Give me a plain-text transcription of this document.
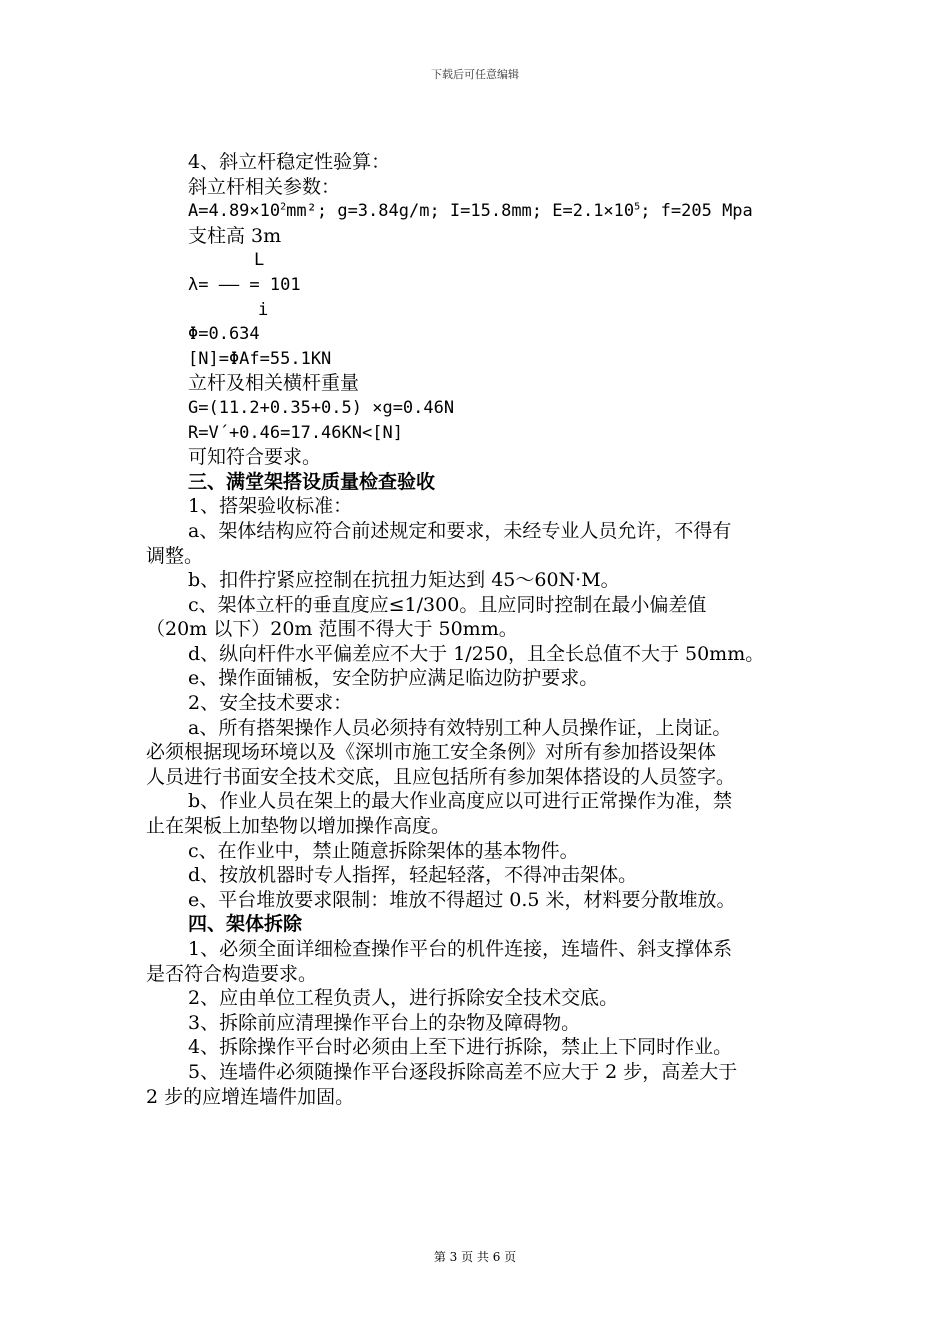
下载后可任意编辑
4、斜立杆稳定性验算：
斜立杆相关参数：
$A=4.89\times 10^2mm^2$; g=3.84g/m; I=15.8mm; $E=2.1\times 10^5$; f=205 Mpa
支柱高 3m
L
λ= —— = 101
i
Φ=0.634
[N]=ΦAf=55.1KN
立杆及相关横杆重量
G=(11.2+0.35+0.5) ×g=0.46N
R=V´+0.46=17.46KN<[N]
可知符合要求。
三、满堂架搭设质量检查验收
1、搭架验收标准：
a、架体结构应符合前述规定和要求，未经专业人员允许，不得有
调整。
b、扣件拧紧应控制在抗扭力矩达到 45～60N·M。
c、架体立杆的垂直度应≤1/300。且应同时控制在最小偏差值
（20m 以下）20m 范围不得大于 50mm。
d、纵向杆件水平偏差应不大于 1/250，且全长总值不大于 50mm。
e、操作面铺板，安全防护应满足临边防护要求。
2、安全技术要求：
a、所有搭架操作人员必须持有效特别工种人员操作证，上岗证。
必须根据现场环境以及《深圳市施工安全条例》对所有参加搭设架体
人员进行书面安全技术交底，且应包括所有参加架体搭设的人员签字。
b、作业人员在架上的最大作业高度应以可进行正常操作为准，禁
止在架板上加垫物以增加操作高度。
c、在作业中，禁止随意拆除架体的基本物件。
d、按放机器时专人指挥，轻起轻落，不得冲击架体。
e、平台堆放要求限制：堆放不得超过 0.5 米，材料要分散堆放。
四、架体拆除
1、必须全面详细检查操作平台的机件连接，连墙件、斜支撑体系
是否符合构造要求。
2、应由单位工程负责人，进行拆除安全技术交底。
3、拆除前应清理操作平台上的杂物及障碍物。
4、拆除操作平台时必须由上至下进行拆除，禁止上下同时作业。
5、连墙件必须随操作平台逐段拆除高差不应大于 2 步，高差大于
2 步的应增连墙件加固。
第 3 页 共 6 页
